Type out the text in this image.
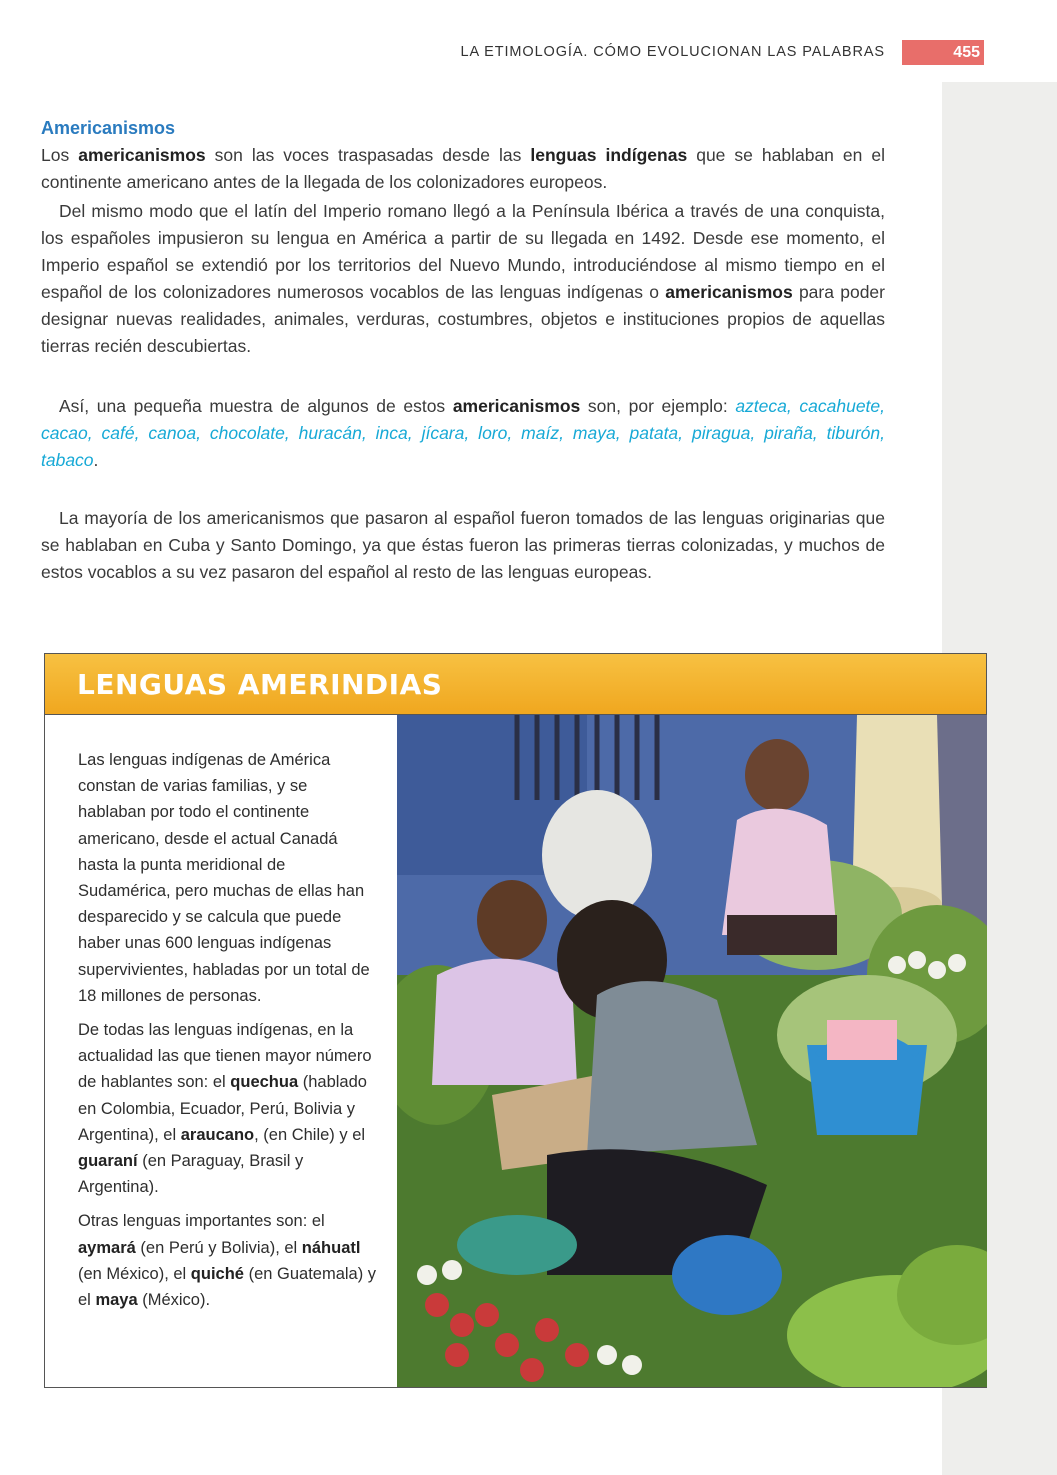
LA ETIMOLOGÍA. CÓMO EVOLUCIONAN LAS PALABRAS	455
Americanismos

Los americanismos son las voces traspasadas desde las lenguas indígenas que se hablaban en el continente americano antes de la llegada de los colonizadores europeos.

Del mismo modo que el latín del Imperio romano llegó a la Península Ibérica a través de una conquista, los españoles impusieron su lengua en América a partir de su llegada en 1492. Desde ese momento, el Imperio español se extendió por los territorios del Nuevo Mundo, introduciéndose al mismo tiempo en el español de los colonizadores numerosos vocablos de las lenguas indígenas o americanismos para poder designar nuevas realidades, animales, verduras, costumbres, objetos e instituciones propios de aquellas tierras recién descubiertas.

Así, una pequeña muestra de algunos de estos americanismos son, por ejemplo: azteca, cacahuete, cacao, café, canoa, chocolate, huracán, inca, jícara, loro, maíz, maya, patata, piragua, piraña, tiburón, tabaco.

La mayoría de los americanismos que pasaron al español fueron tomados de las lenguas originarias que se hablaban en Cuba y Santo Domingo, ya que éstas fueron las primeras tierras colonizadas, y muchos de estos vocablos a su vez pasaron del español al resto de las lenguas europeas.

LENGUAS AMERINDIAS

Las lenguas indígenas de América constan de varias familias, y se hablaban por todo el continente americano, desde el actual Canadá hasta la punta meridional de Sudamérica, pero muchas de ellas han desparecido y se calcula que puede haber unas 600 lenguas indígenas supervivientes, habladas por un total de 18 millones de personas.

De todas las lenguas indígenas, en la actualidad las que tienen mayor número de hablantes son: el quechua (hablado en Colombia, Ecuador, Perú, Bolivia y Argentina), el araucano, (en Chile) y el guaraní (en Paraguay, Brasil y Argentina).

Otras lenguas importantes son: el aymará (en Perú y Bolivia), el náhuatl (en México), el quiché (en Guatemala) y el maya (México).
